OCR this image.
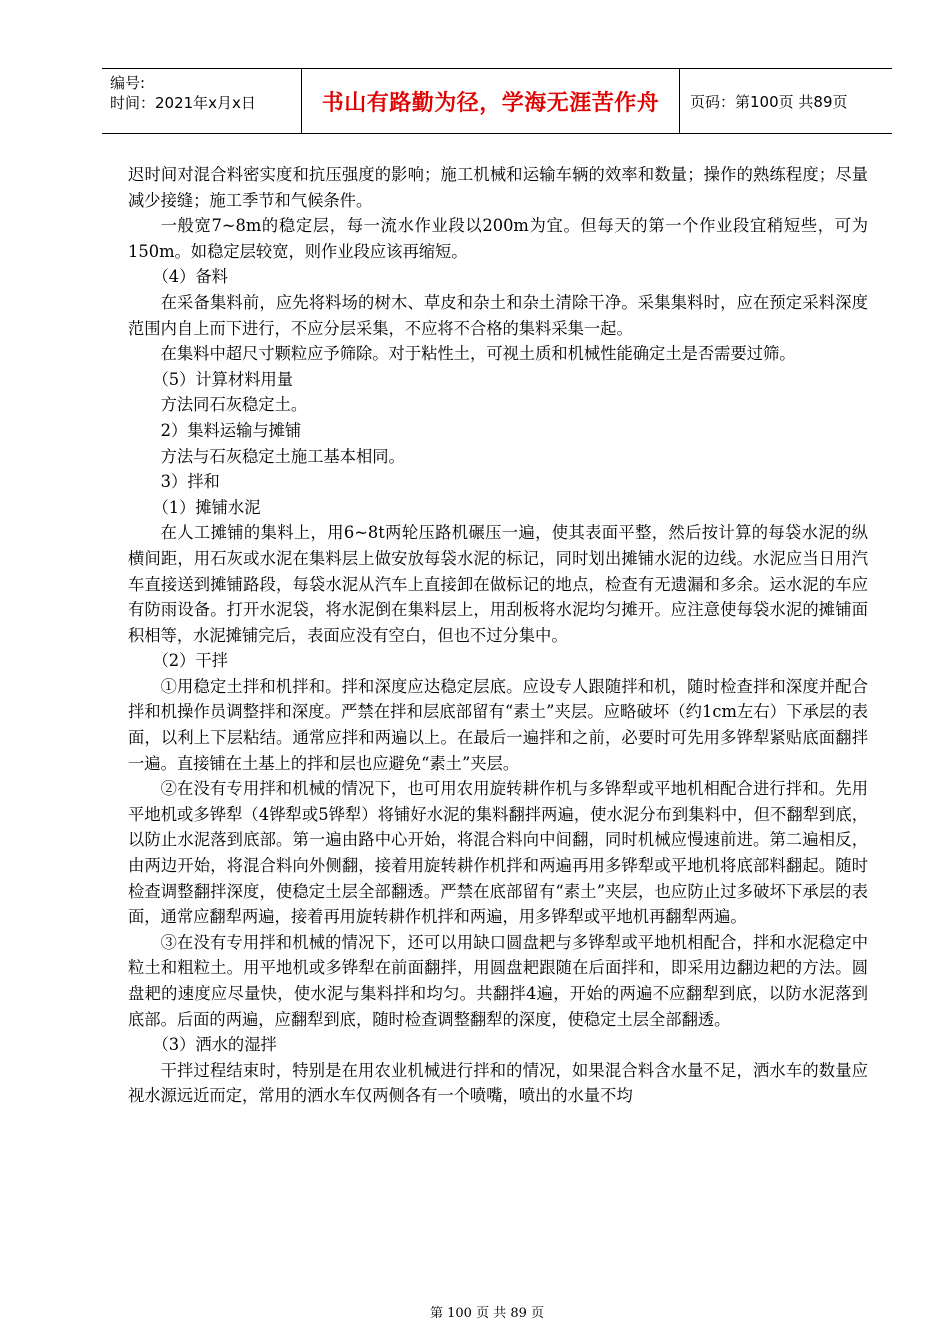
编号:
时间：2021年x月x日	书山有路勤为径，学海无涯苦作舟	页码：第100页 共89页

迟时间对混合料密实度和抗压强度的影响；施工机械和运输车辆的效率和数量；操作的熟练程度；尽量减少接缝；施工季节和气候条件。

一般宽7~8m的稳定层，每一流水作业段以200m为宜。但每天的第一个作业段宜稍短些，可为150m。如稳定层较宽，则作业段应该再缩短。

（4）备料

在采备集料前，应先将料场的树木、草皮和杂土和杂土清除干净。采集集料时，应在预定采料深度范围内自上而下进行，不应分层采集，不应将不合格的集料采集一起。

在集料中超尺寸颗粒应予筛除。对于粘性土，可视土质和机械性能确定土是否需要过筛。

（5）计算材料用量

方法同石灰稳定土。

2）集料运输与摊铺

方法与石灰稳定土施工基本相同。

3）拌和

（1）摊铺水泥

在人工摊铺的集料上，用6~8t两轮压路机碾压一遍，使其表面平整，然后按计算的每袋水泥的纵横间距，用石灰或水泥在集料层上做安放每袋水泥的标记，同时划出摊铺水泥的边线。水泥应当日用汽车直接送到摊铺路段，每袋水泥从汽车上直接卸在做标记的地点，检查有无遗漏和多余。运水泥的车应有防雨设备。打开水泥袋，将水泥倒在集料层上，用刮板将水泥均匀摊开。应注意使每袋水泥的摊铺面积相等，水泥摊铺完后，表面应没有空白，但也不过分集中。

（2）干拌

①用稳定土拌和机拌和。拌和深度应达稳定层底。应设专人跟随拌和机，随时检查拌和深度并配合拌和机操作员调整拌和深度。严禁在拌和层底部留有“素土”夹层。应略破坏（约1cm左右）下承层的表面，以利上下层粘结。通常应拌和两遍以上。在最后一遍拌和之前，必要时可先用多铧犁紧贴底面翻拌一遍。直接铺在土基上的拌和层也应避免“素土”夹层。

②在没有专用拌和机械的情况下，也可用农用旋转耕作机与多铧犁或平地机相配合进行拌和。先用平地机或多铧犁（4铧犁或5铧犁）将铺好水泥的集料翻拌两遍，使水泥分布到集料中，但不翻犁到底，以防止水泥落到底部。第一遍由路中心开始，将混合料向中间翻，同时机械应慢速前进。第二遍相反，由两边开始，将混合料向外侧翻，接着用旋转耕作机拌和两遍再用多铧犁或平地机将底部料翻起。随时检查调整翻拌深度，使稳定土层全部翻透。严禁在底部留有“素土”夹层，也应防止过多破坏下承层的表面，通常应翻犁两遍，接着再用旋转耕作机拌和两遍，用多铧犁或平地机再翻犁两遍。

③在没有专用拌和机械的情况下，还可以用缺口圆盘耙与多铧犁或平地机相配合，拌和水泥稳定中粒土和粗粒土。用平地机或多铧犁在前面翻拌，用圆盘耙跟随在后面拌和，即采用边翻边耙的方法。圆盘耙的速度应尽量快，使水泥与集料拌和均匀。共翻拌4遍，开始的两遍不应翻犁到底，以防水泥落到底部。后面的两遍，应翻犁到底，随时检查调整翻犁的深度，使稳定土层全部翻透。

（3）洒水的湿拌

干拌过程结束时，特别是在用农业机械进行拌和的情况，如果混合料含水量不足，洒水车的数量应视水源远近而定，常用的洒水车仅两侧各有一个喷嘴，喷出的水量不均

第 100 页 共 89 页
